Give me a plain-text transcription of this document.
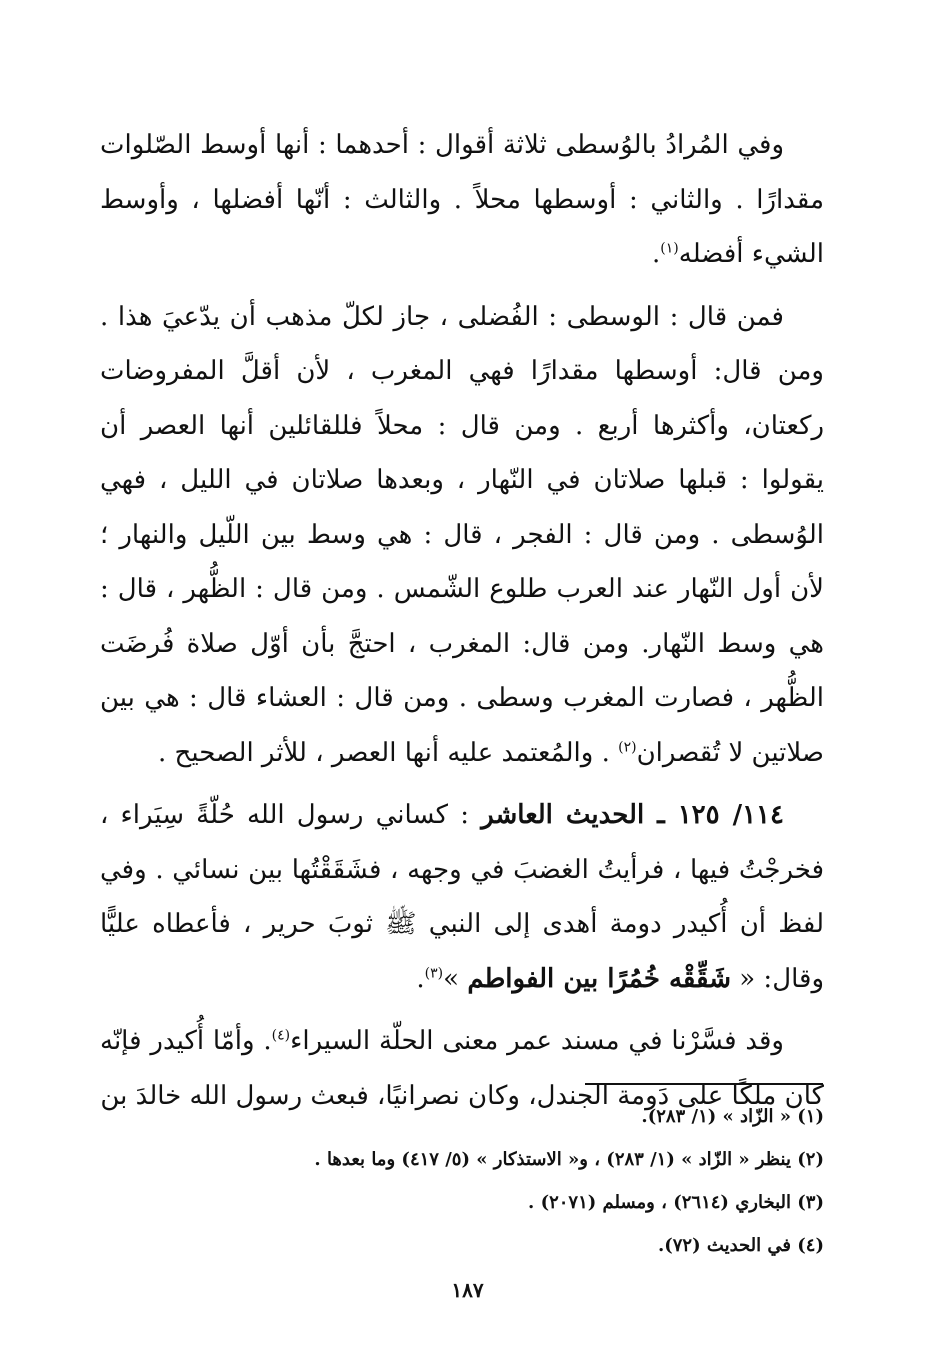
وفي المُرادُ بالوُسطى ثلاثة أقوال : أحدهما : أنها أوسط الصّلوات مقدارًا . والثاني : أوسطها محلاً . والثالث : أنّها أفضلها ، وأوسط الشيء أفضله$^{(١)}$.

فمن قال : الوسطى : الفُضلى ، جاز لكلّ مذهب أن يدّعيَ هذا . ومن قال: أوسطها مقدارًا فهي المغرب ، لأن أقلَّ المفروضات ركعتان، وأكثرها أربع . ومن قال : محلاً فللقائلين أنها العصر أن يقولوا : قبلها صلاتان في النّهار ، وبعدها صلاتان في الليل ، فهي الوُسطى . ومن قال : الفجر ، قال : هي وسط بين اللّيل والنهار ؛ لأن أول النّهار عند العرب طلوع الشّمس . ومن قال : الظُّهر ، قال : هي وسط النّهار. ومن قال: المغرب ، احتجَّ بأن أوّل صلاة فُرضَت الظُّهر ، فصارت المغرب وسطى . ومن قال : العشاء قال : هي بين صلاتين لا تُقصران$^{(٢)}$ . والمُعتمد عليه أنها العصر ، للأثر الصحيح .

١١٤/ ١٢٥ ـ الحديث العاشر : كساني رسول الله حُلّةً سِيَراء ، فخرجْتُ فيها ، فرأيتُ الغضبَ في وجهه ، فشَقَقْتُها بين نسائي . وفي لفظ أن أُكيدر دومة أهدى إلى النبي ﷺ ثوبَ حرير ، فأعطاه عليًّا وقال: « شَقِّقْه خُمُرًا بين الفواطم »$^{(٣)}$.

وقد فسَّرْنا في مسند عمر معنى الحلّة السيراء$^{(٤)}$. وأمّا أُكيدر فإنّه كان ملكًا على دَومة الجندل، وكان نصرانيًا، فبعث رسول الله خالدَ بن

(١) « الزّاد » (١/ ٢٨٣).
(٢) ينظر « الزّاد » (١/ ٢٨٣) ، و« الاستذكار » (٥/ ٤١٧) وما بعدها .
(٣) البخاري (٢٦١٤) ، ومسلم (٢٠٧١) .
(٤) في الحديث (٧٢).
١٨٧
